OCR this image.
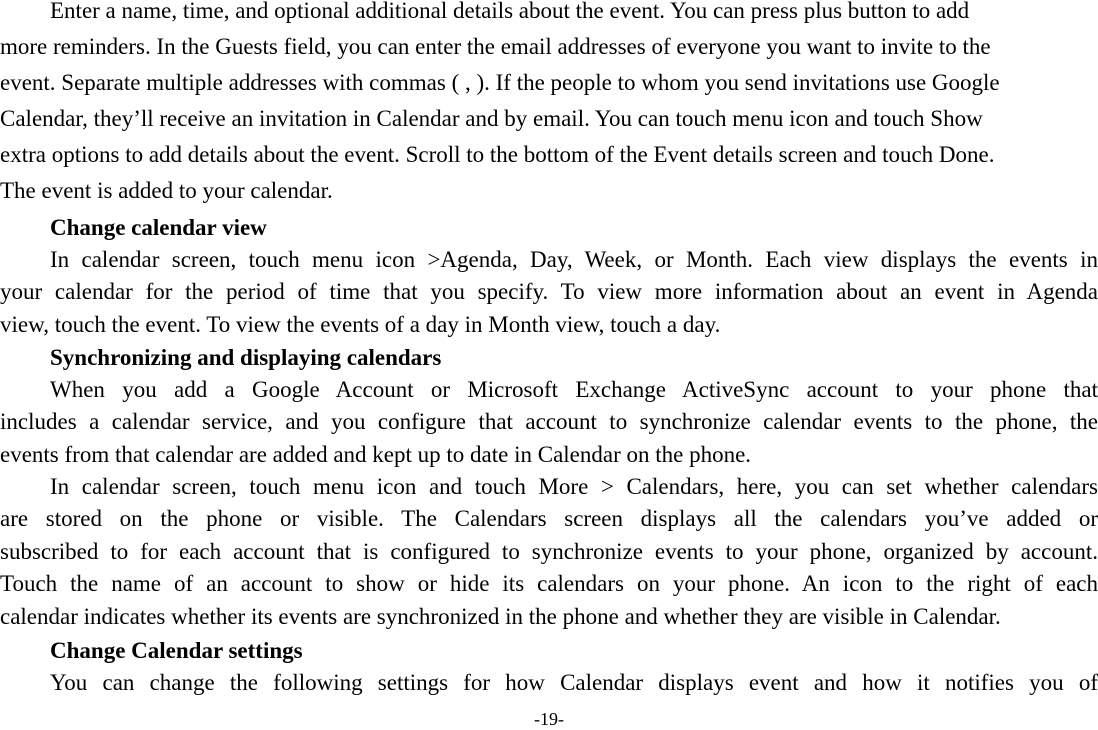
Enter a name, time, and optional additional details about the event. You can press plus button to add
more reminders. In the Guests field, you can enter the email addresses of everyone you want to invite to the
event. Separate multiple addresses with commas ( , ). If the people to whom you send invitations use Google
Calendar, they’ll receive an invitation in Calendar and by email. You can touch menu icon and touch Show
extra options to add details about the event. Scroll to the bottom of the Event details screen and touch Done.
The event is added to your calendar.
Change calendar view
In calendar screen, touch menu icon >Agenda, Day, Week, or Month. Each view displays the events in
your calendar for the period of time that you specify. To view more information about an event in Agenda
view, touch the event. To view the events of a day in Month view, touch a day.
Synchronizing and displaying calendars
When you add a Google Account or Microsoft Exchange ActiveSync account to your phone that
includes a calendar service, and you configure that account to synchronize calendar events to the phone, the
events from that calendar are added and kept up to date in Calendar on the phone.
In calendar screen, touch menu icon and touch More > Calendars, here, you can set whether calendars
are stored on the phone or visible. The Calendars screen displays all the calendars you’ve added or
subscribed to for each account that is configured to synchronize events to your phone, organized by account.
Touch the name of an account to show or hide its calendars on your phone. An icon to the right of each
calendar indicates whether its events are synchronized in the phone and whether they are visible in Calendar.
Change Calendar settings
You can change the following settings for how Calendar displays event and how it notifies you of
-19-
